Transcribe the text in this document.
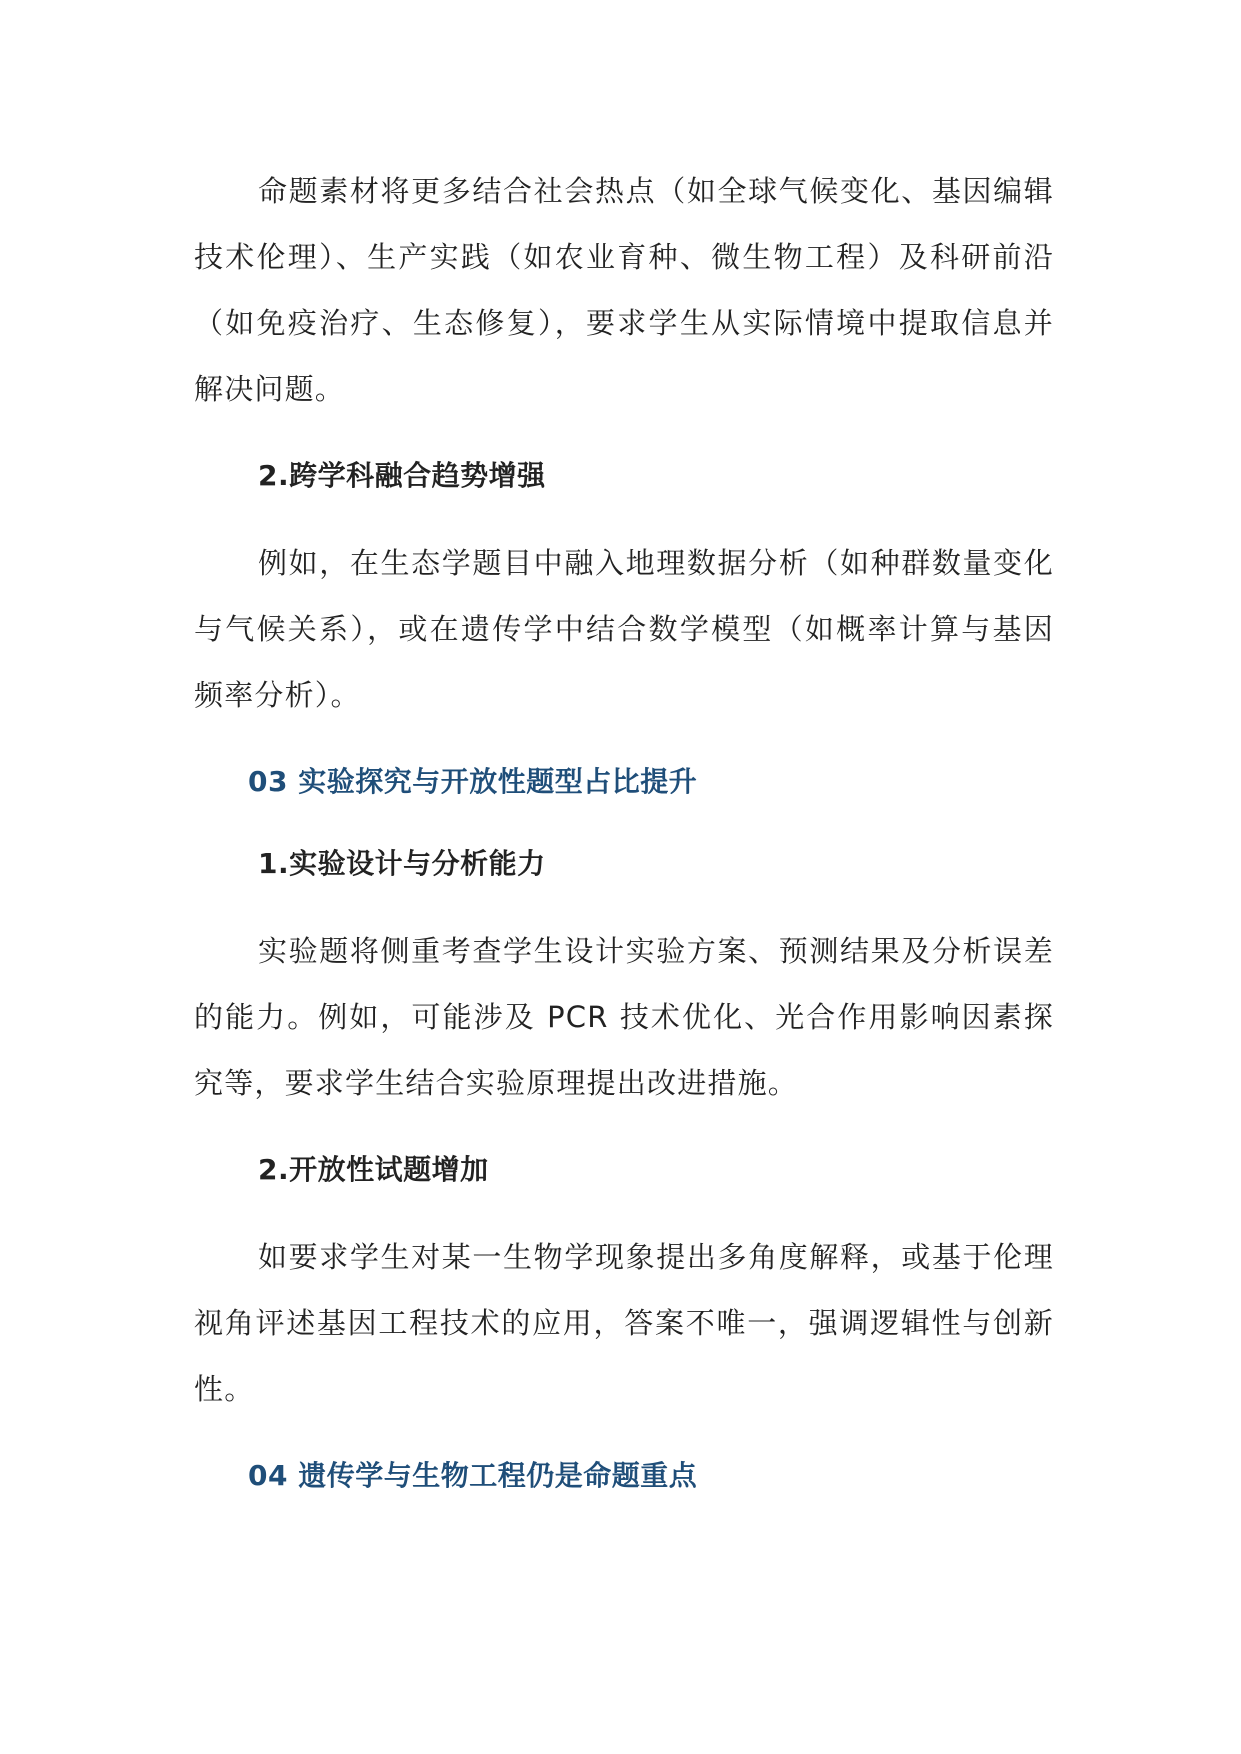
命题素材将更多结合社会热点（如全球气候变化、基因编辑技术伦理）、生产实践（如农业育种、微生物工程）及科研前沿（如免疫治疗、生态修复），要求学生从实际情境中提取信息并解决问题。

2.跨学科融合趋势增强

例如，在生态学题目中融入地理数据分析（如种群数量变化与气候关系），或在遗传学中结合数学模型（如概率计算与基因频率分析）。

03 实验探究与开放性题型占比提升
1.实验设计与分析能力

实验题将侧重考查学生设计实验方案、预测结果及分析误差的能力。例如，可能涉及 PCR 技术优化、光合作用影响因素探究等，要求学生结合实验原理提出改进措施。

2.开放性试题增加

如要求学生对某一生物学现象提出多角度解释，或基于伦理视角评述基因工程技术的应用，答案不唯一，强调逻辑性与创新性。

04 遗传学与生物工程仍是命题重点
